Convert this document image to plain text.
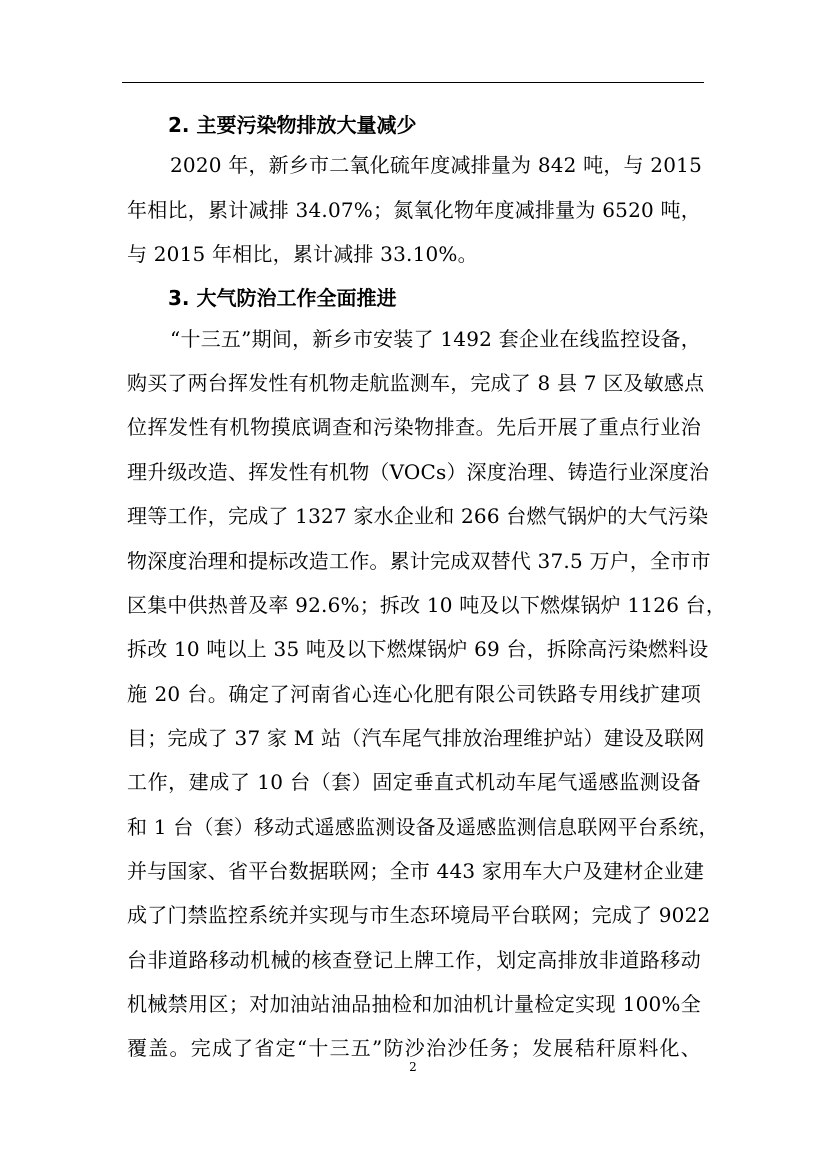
2. 主要污染物排放大量减少
2020 年，新乡市二氧化硫年度减排量为 842 吨，与 2015
年相比，累计减排 34.07%；氮氧化物年度减排量为 6520 吨，
与 2015 年相比，累计减排 33.10%。
3. 大气防治工作全面推进
“十三五”期间，新乡市安装了 1492 套企业在线监控设备，
购买了两台挥发性有机物走航监测车，完成了 8 县 7 区及敏感点
位挥发性有机物摸底调查和污染物排查。先后开展了重点行业治
理升级改造、挥发性有机物（VOCs）深度治理、铸造行业深度治
理等工作，完成了 1327 家水企业和 266 台燃气锅炉的大气污染
物深度治理和提标改造工作。累计完成双替代 37.5 万户，全市市
区集中供热普及率 92.6%；拆改 10 吨及以下燃煤锅炉 1126 台，
拆改 10 吨以上 35 吨及以下燃煤锅炉 69 台，拆除高污染燃料设
施 20 台。确定了河南省心连心化肥有限公司铁路专用线扩建项
目；完成了 37 家 M 站（汽车尾气排放治理维护站）建设及联网
工作，建成了 10 台（套）固定垂直式机动车尾气遥感监测设备
和 1 台（套）移动式遥感监测设备及遥感监测信息联网平台系统，
并与国家、省平台数据联网；全市 443 家用车大户及建材企业建
成了门禁监控系统并实现与市生态环境局平台联网；完成了 9022
台非道路移动机械的核查登记上牌工作，划定高排放非道路移动
机械禁用区；对加油站油品抽检和加油机计量检定实现 100%全
覆盖。完成了省定“十三五”防沙治沙任务；发展秸秆原料化、
2
